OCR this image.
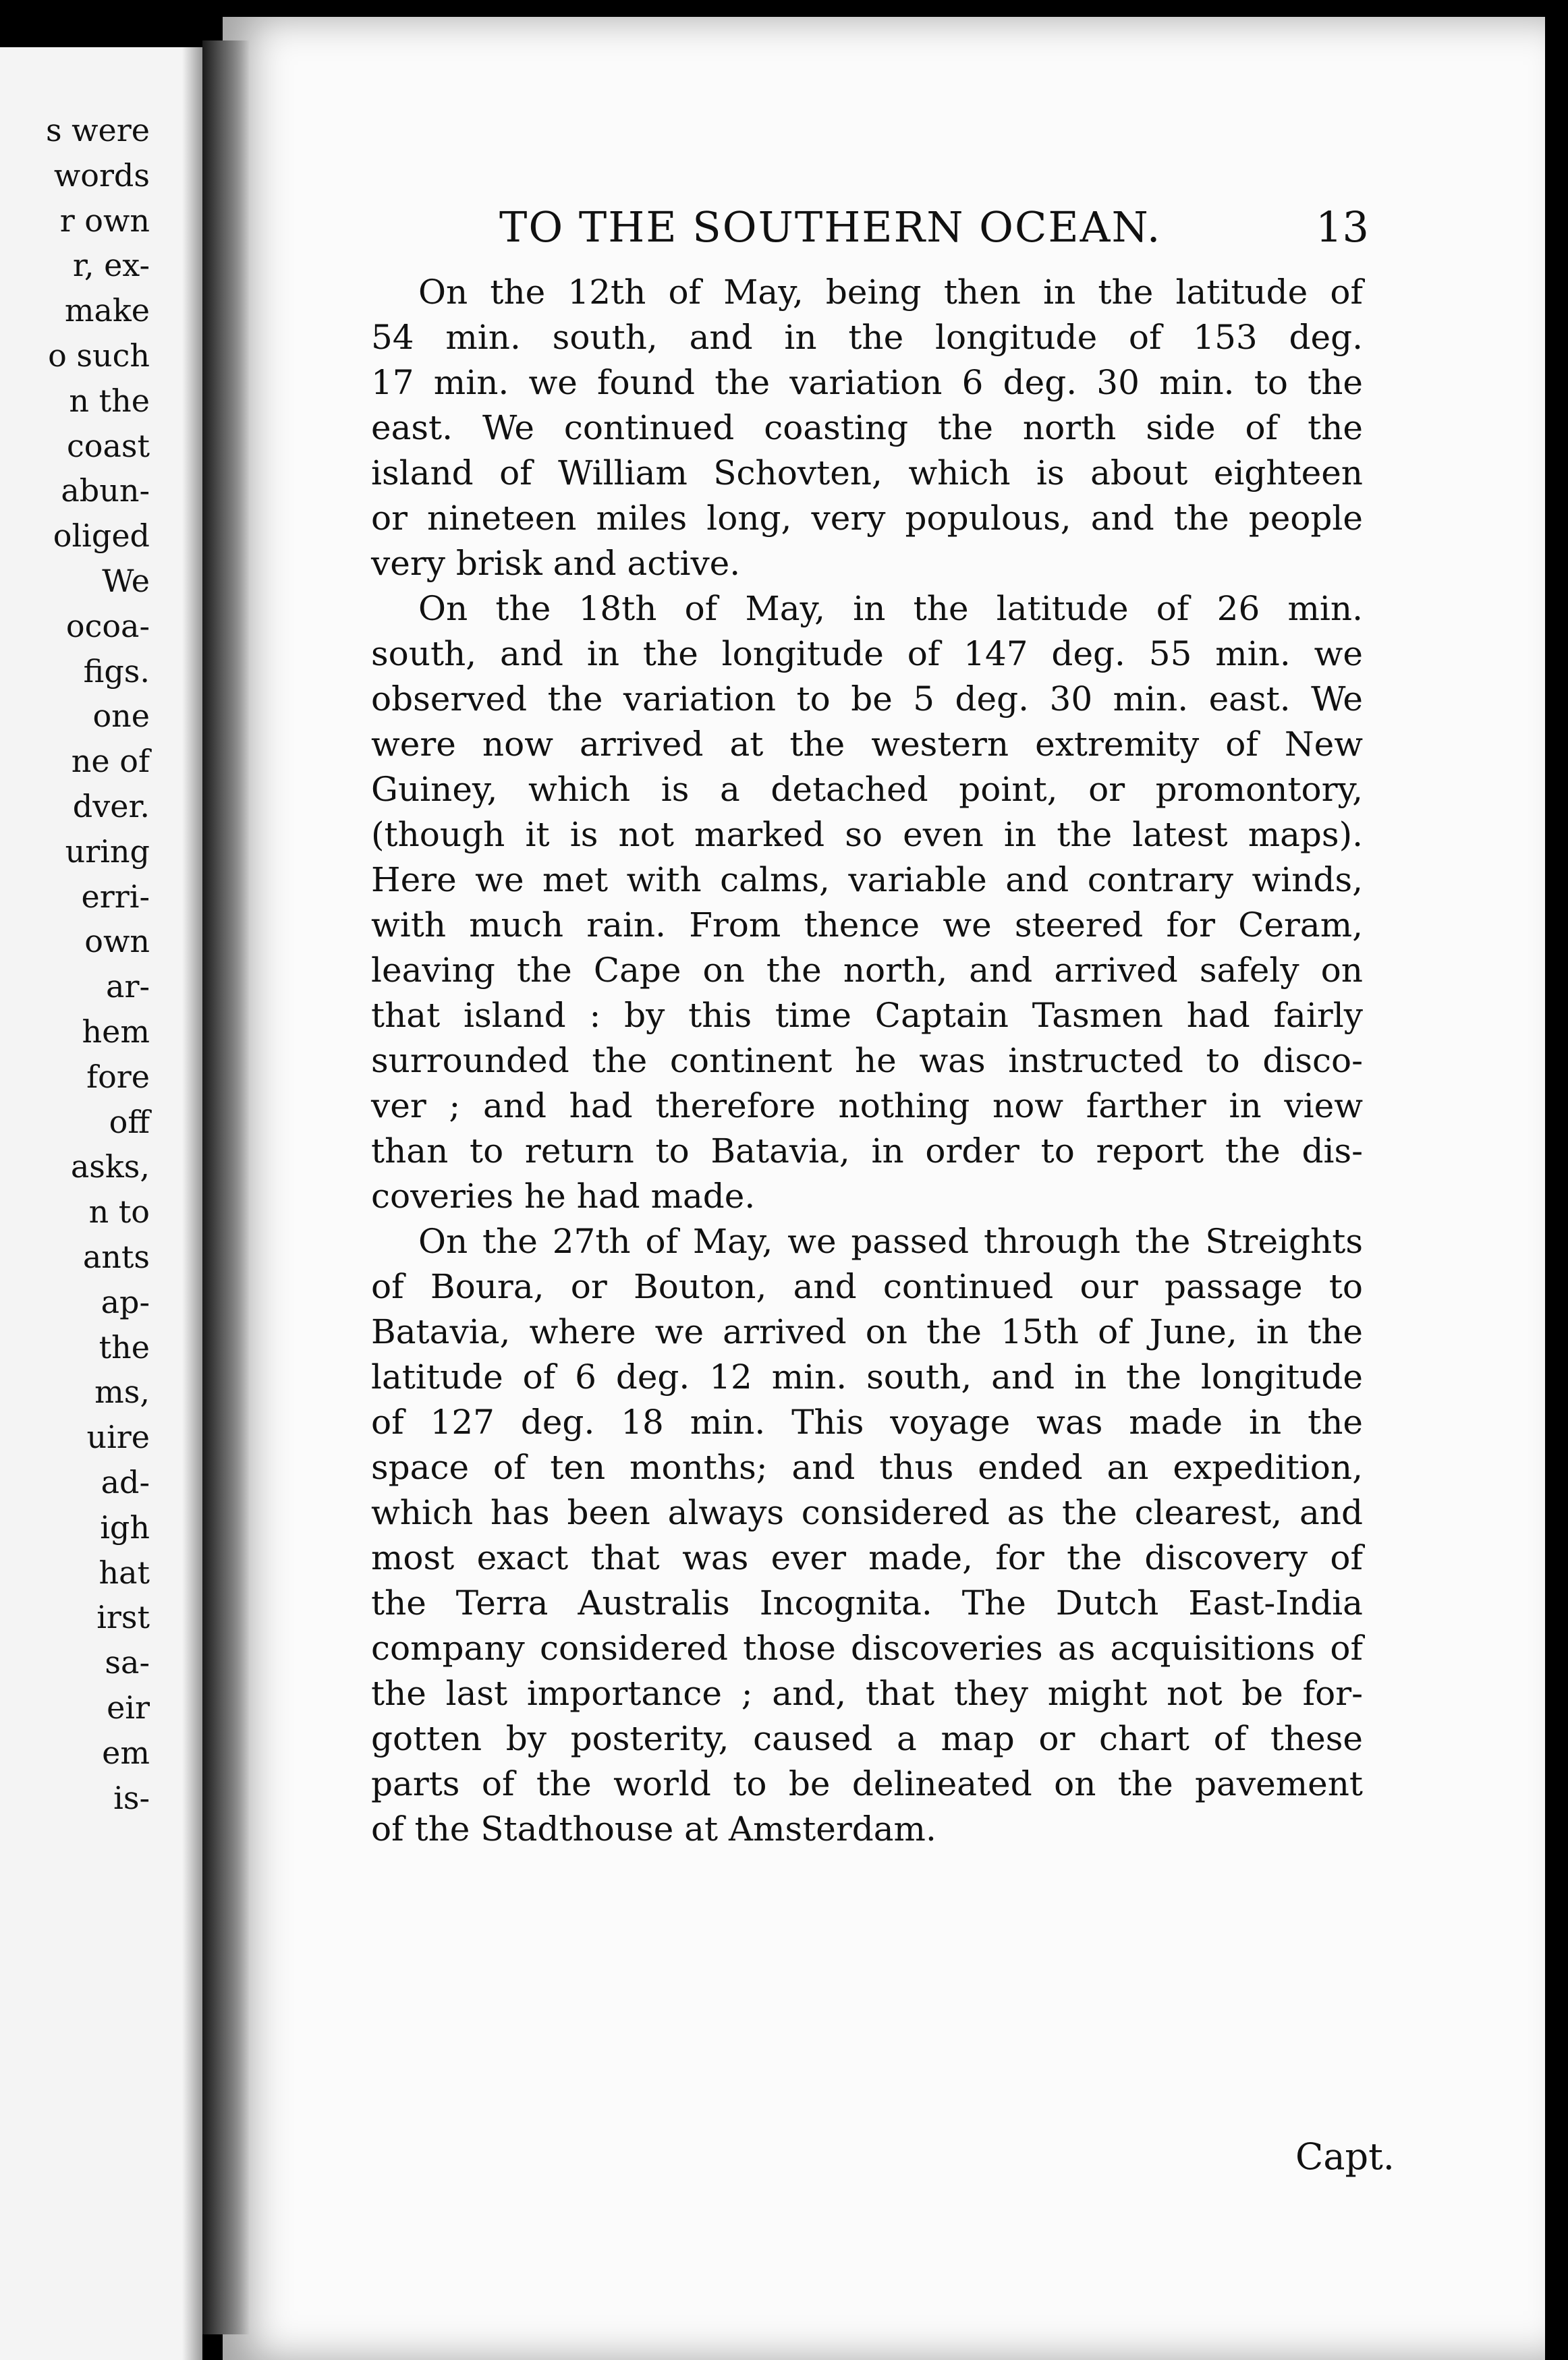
s were
words
r own
r, ex-
make
o such
n the
coast
abun-
oliged
We
ocoa-
figs.
one
ne of
dver.
uring
erri-
own
ar-
hem
fore
off
asks,
n to
ants
ap-
the
ms,
uire
ad-
igh
hat
irst
sa-
eir
em
is-
TO THE SOUTHERN OCEAN.	13
On the 12th of May, being then in the latitude of
54 min. south, and in the longitude of 153 deg.
17 min. we found the variation 6 deg. 30 min. to the
east. We continued coasting the north side of the
island of William Schovten, which is about eighteen
or nineteen miles long, very populous, and the people
very brisk and active.
On the 18th of May, in the latitude of 26 min.
south, and in the longitude of 147 deg. 55 min. we
observed the variation to be 5 deg. 30 min. east. We
were now arrived at the western extremity of New
Guiney, which is a detached point, or promontory,
(though it is not marked so even in the latest maps).
Here we met with calms, variable and contrary winds,
with much rain. From thence we steered for Ceram,
leaving the Cape on the north, and arrived safely on
that island : by this time Captain Tasmen had fairly
surrounded the continent he was instructed to disco-
ver ; and had therefore nothing now farther in view
than to return to Batavia, in order to report the dis-
coveries he had made.
On the 27th of May, we passed through the Streights
of Boura, or Bouton, and continued our passage to
Batavia, where we arrived on the 15th of June, in the
latitude of 6 deg. 12 min. south, and in the longitude
of 127 deg. 18 min. This voyage was made in the
space of ten months; and thus ended an expedition,
which has been always considered as the clearest, and
most exact that was ever made, for the discovery of
the Terra Australis Incognita. The Dutch East-India
company considered those discoveries as acquisitions of
the last importance ; and, that they might not be for-
gotten by posterity, caused a map or chart of these
parts of the world to be delineated on the pavement
of the Stadthouse at Amsterdam.
Capt.
